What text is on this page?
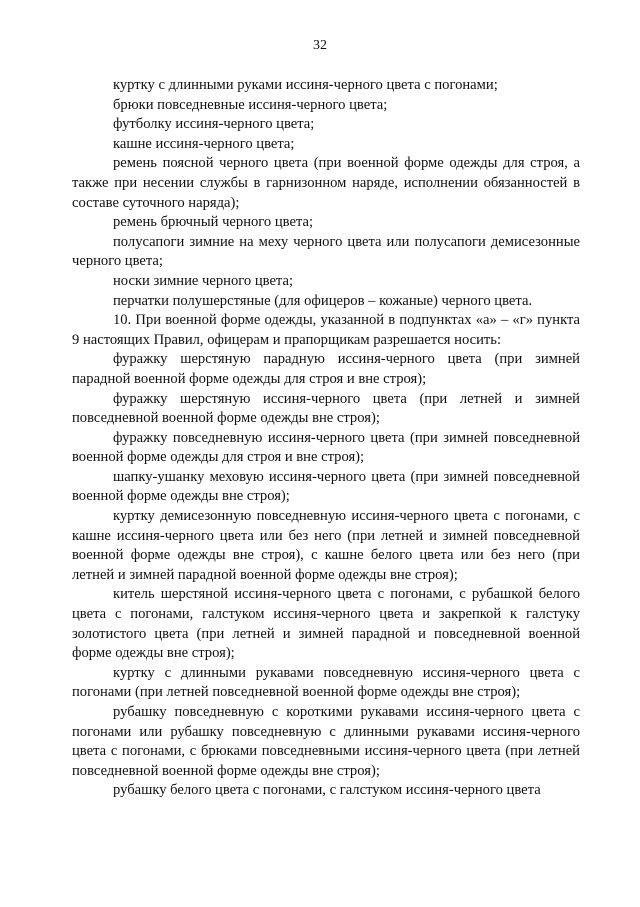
32

куртку с длинными руками иссиня-черного цвета с погонами;

брюки повседневные иссиня-черного цвета;

футболку иссиня-черного цвета;

кашне иссиня-черного цвета;

ремень поясной черного цвета (при военной форме одежды для строя, а также при несении службы в гарнизонном наряде, исполнении обязанностей в составе суточного наряда);

ремень брючный черного цвета;

полусапоги зимние на меху черного цвета или полусапоги демисезонные черного цвета;

носки зимние черного цвета;

перчатки полушерстяные (для офицеров – кожаные) черного цвета.

10. При военной форме одежды, указанной в подпунктах «а» – «г» пункта 9 настоящих Правил, офицерам и прапорщикам разрешается носить:

фуражку шерстяную парадную иссиня-черного цвета (при зимней парадной военной форме одежды для строя и вне строя);

фуражку шерстяную иссиня-черного цвета (при летней и зимней повседневной военной форме одежды вне строя);

фуражку повседневную иссиня-черного цвета (при зимней повседневной военной форме одежды для строя и вне строя);

шапку-ушанку меховую иссиня-черного цвета (при зимней повседневной военной форме одежды вне строя);

куртку демисезонную повседневную иссиня-черного цвета с погонами, с кашне иссиня-черного цвета или без него (при летней и зимней повседневной военной форме одежды вне строя), с кашне белого цвета или без него (при летней и зимней парадной военной форме одежды вне строя);

китель шерстяной иссиня-черного цвета с погонами, с рубашкой белого цвета с погонами, галстуком иссиня-черного цвета и закрепкой к галстуку золотистого цвета (при летней и зимней парадной и повседневной военной форме одежды вне строя);

куртку с длинными рукавами повседневную иссиня-черного цвета с погонами (при летней повседневной военной форме одежды вне строя);

рубашку повседневную с короткими рукавами иссиня-черного цвета с погонами или рубашку повседневную с длинными рукавами иссиня-черного цвета с погонами, с брюками повседневными иссиня-черного цвета (при летней повседневной военной форме одежды вне строя);

рубашку белого цвета с погонами, с галстуком иссиня-черного цвета
